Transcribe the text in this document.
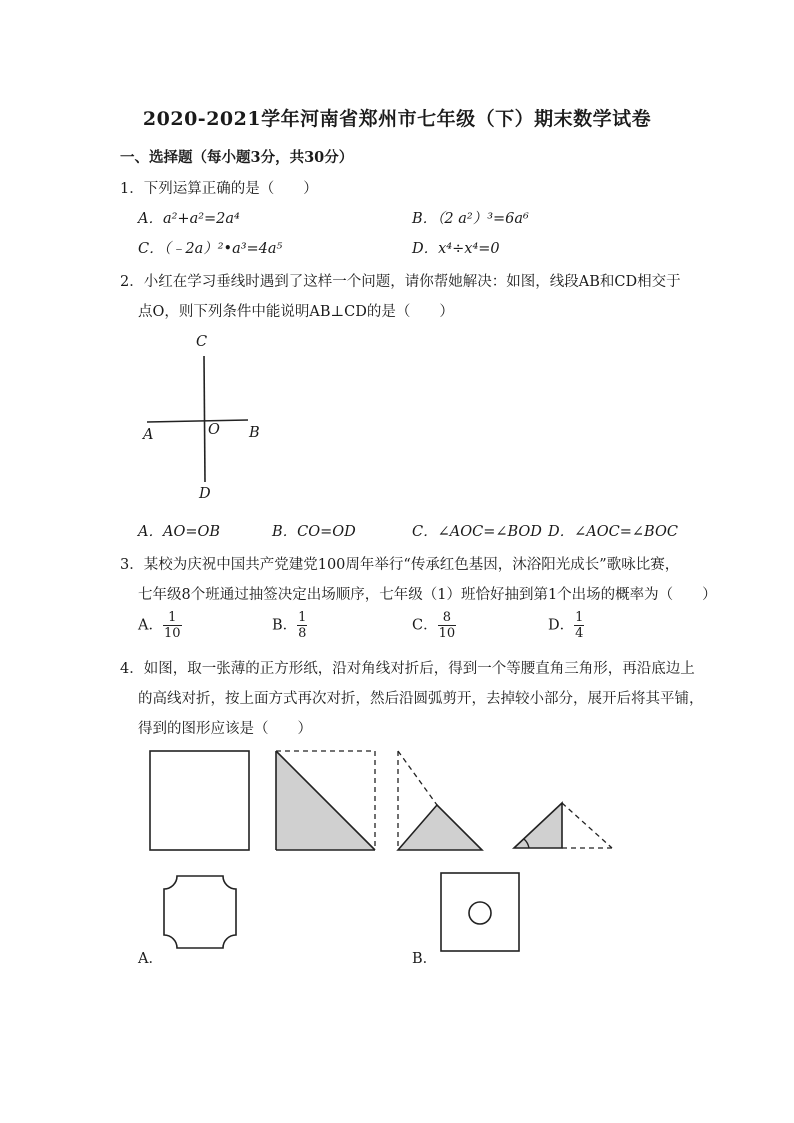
2020-2021学年河南省郑州市七年级（下）期末数学试卷
一、选择题（每小题3分，共30分）
1．下列运算正确的是（　　）
A．a²+a²=2a⁴	B．（2 a²）³=6a⁶
C．（﹣2a）²•a³=4a⁵	D．x⁴÷x⁴=0
2．小红在学习垂线时遇到了这样一个问题，请你帮她解决：如图，线段AB和CD相交于
点O，则下列条件中能说明AB⊥CD的是（　　）
C
O
A	B
D
A．AO=OB	B．CO=OD	C．∠AOC=∠BOD D．∠AOC=∠BOC
3．某校为庆祝中国共产党建党100周年举行“传承红色基因，沐浴阳光成长”歌咏比赛，
七年级8个班通过抽签决定出场顺序，七年级（1）班恰好抽到第1个出场的概率为（　　）
A． $\frac{1}{10}$	B． $\frac{1}{8}$	C． $\frac{8}{10}$	D． $\frac{1}{4}$
4．如图，取一张薄的正方形纸，沿对角线对折后，得到一个等腰直角三角形，再沿底边上
的高线对折，按上面方式再次对折，然后沿圆弧剪开，去掉较小部分，展开后将其平铺，
得到的图形应该是（　　）
A．	B．
